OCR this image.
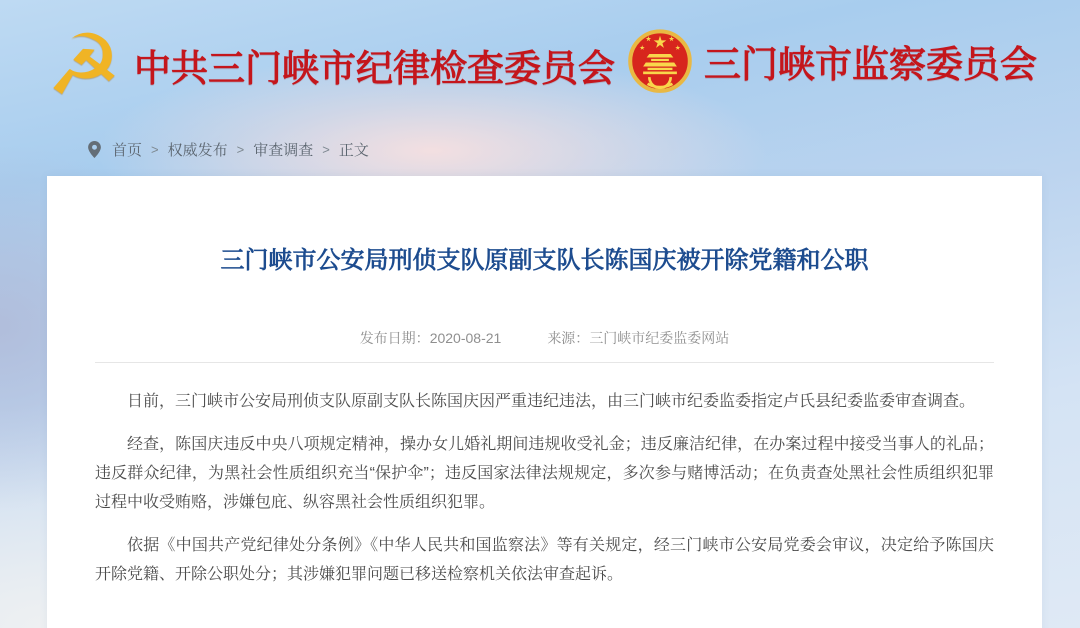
☭ 中共三门峡市纪律检查委员会 三门峡市监察委员会
首页 > 权威发布 > 审查调查 > 正文
三门峡市公安局刑侦支队原副支队长陈国庆被开除党籍和公职
发布日期：2020-08-21	来源：三门峡市纪委监委网站

日前，三门峡市公安局刑侦支队原副支队长陈国庆因严重违纪违法，由三门峡市纪委监委指定卢氏县纪委监委审查调查。

经查，陈国庆违反中央八项规定精神，操办女儿婚礼期间违规收受礼金；违反廉洁纪律，在办案过程中接受当事人的礼品；违反群众纪律，为黑社会性质组织充当“保护伞”；违反国家法律法规规定，多次参与赌博活动；在负责查处黑社会性质组织犯罪过程中收受贿赂，涉嫌包庇、纵容黑社会性质组织犯罪。

依据《中国共产党纪律处分条例》《中华人民共和国监察法》等有关规定，经三门峡市公安局党委会审议，决定给予陈国庆开除党籍、开除公职处分；其涉嫌犯罪问题已移送检察机关依法审查起诉。
